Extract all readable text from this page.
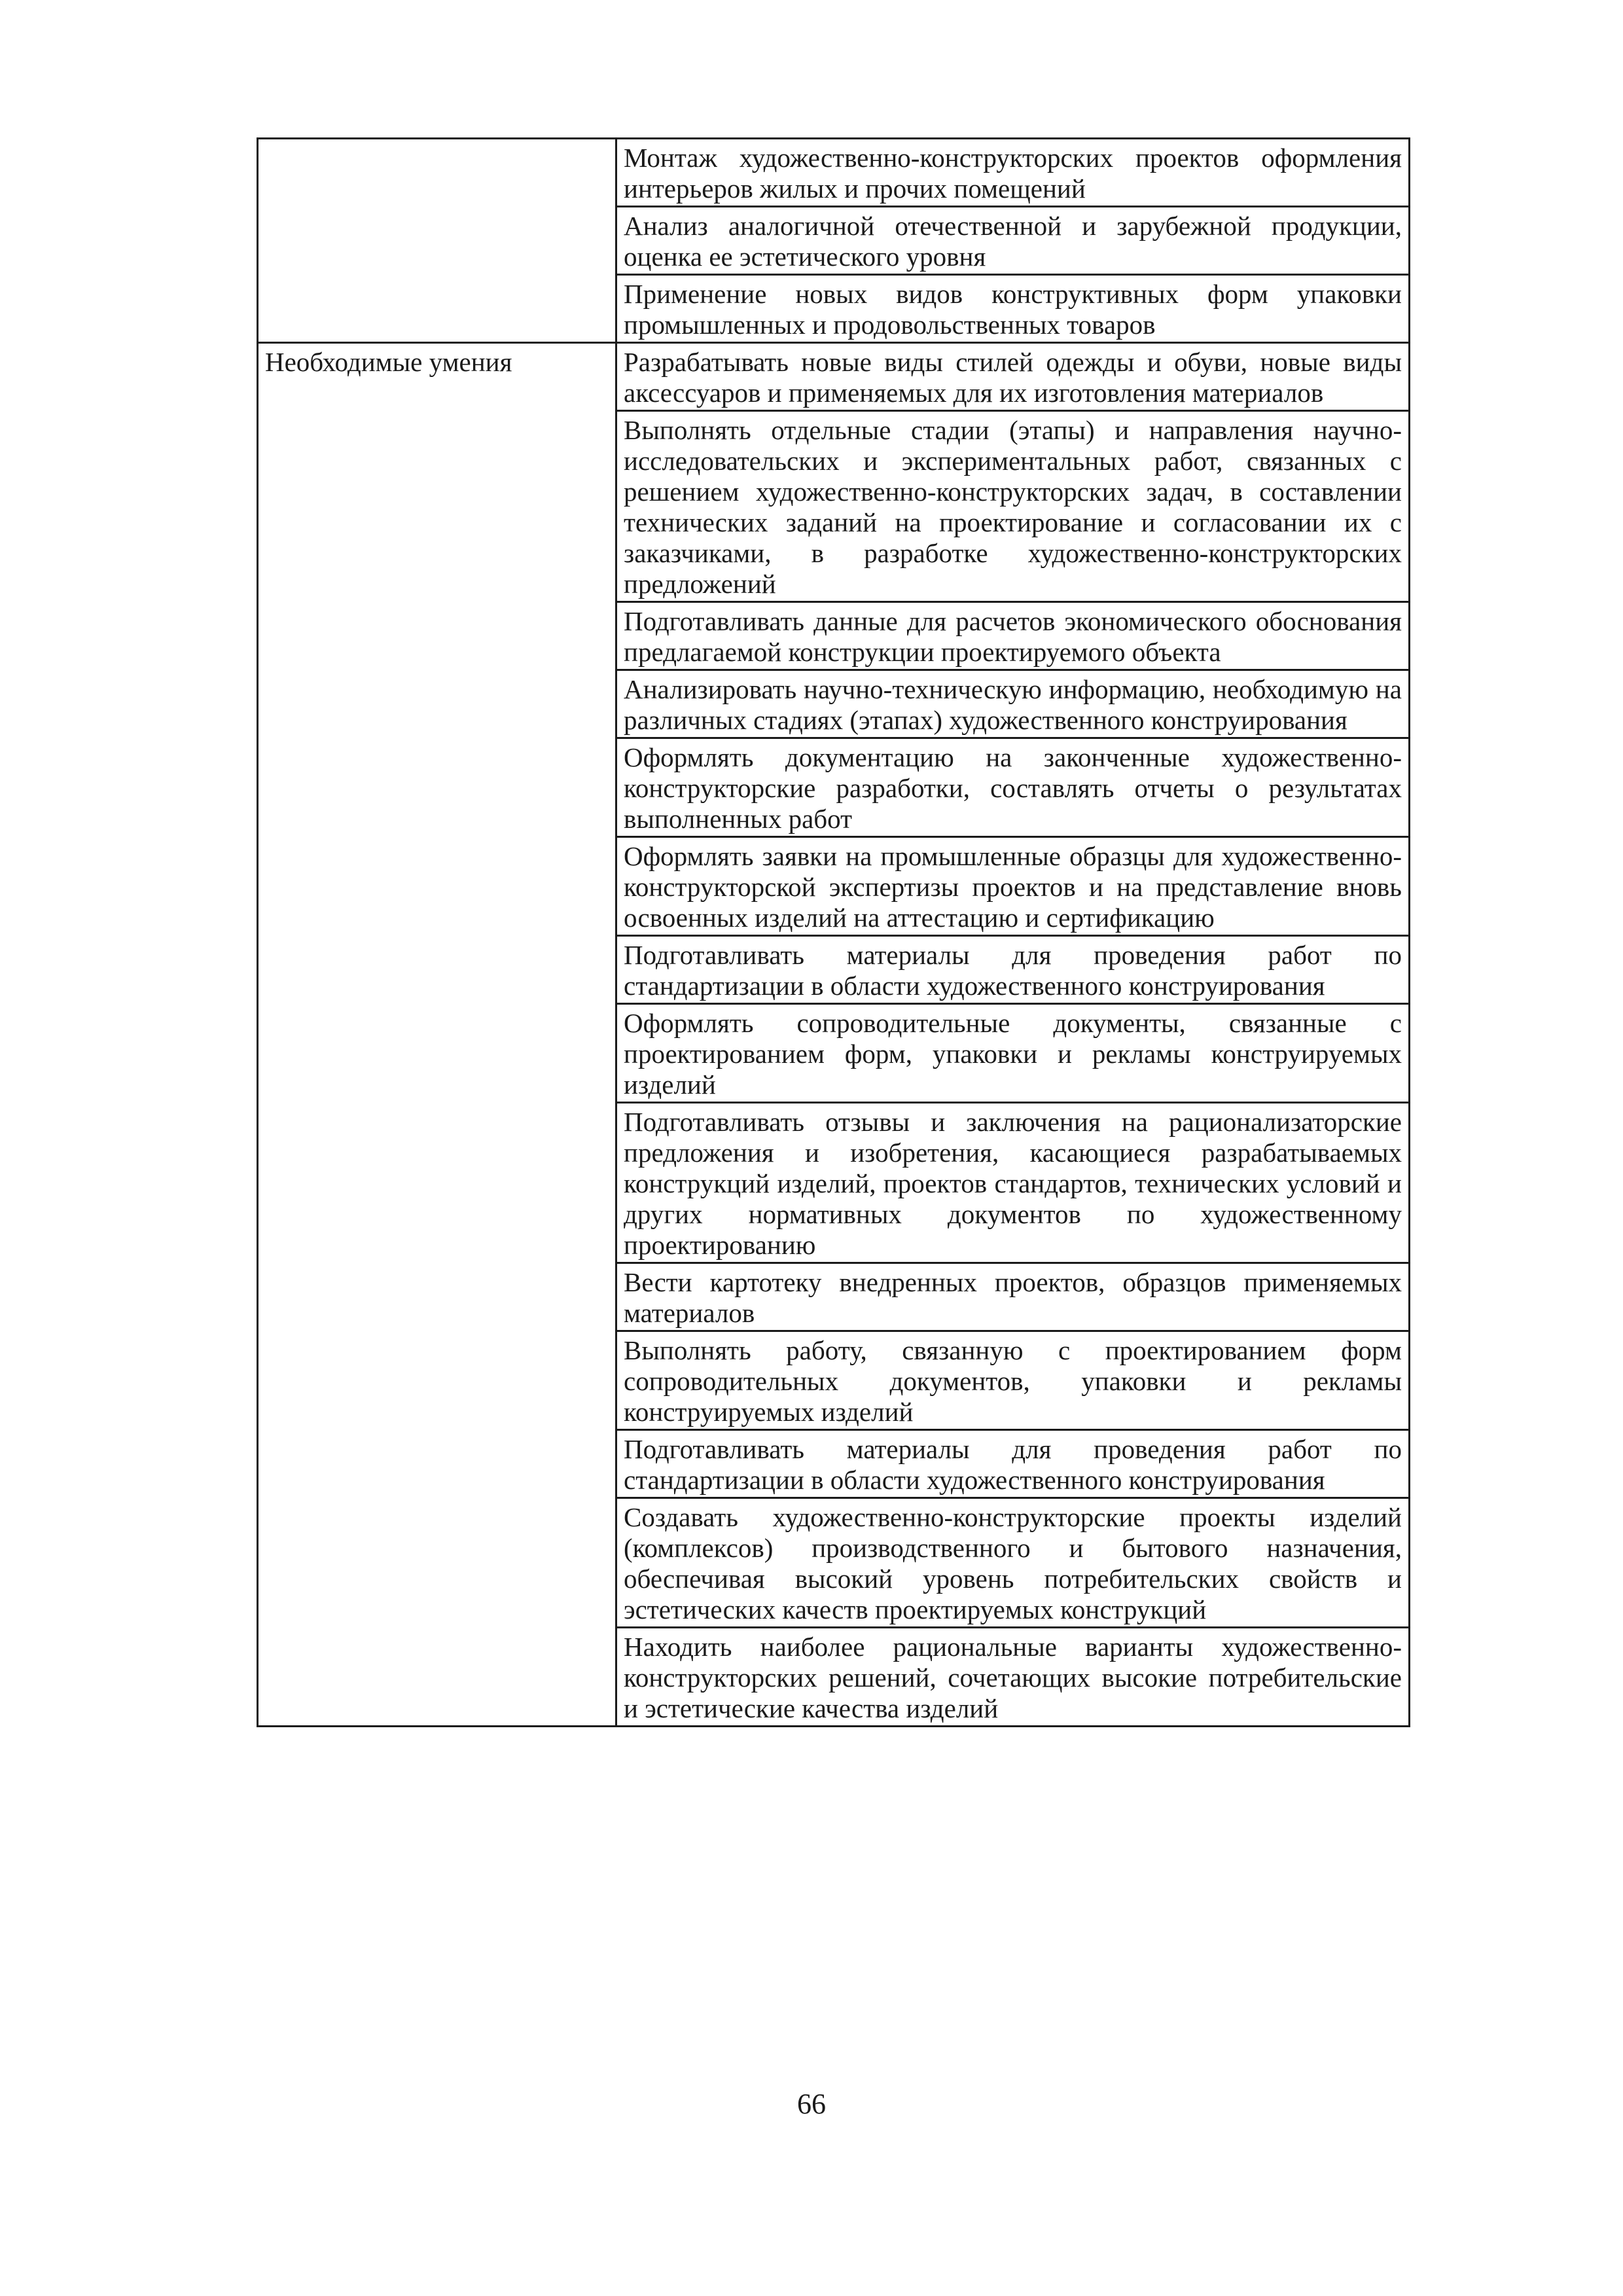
	Монтаж художественно-конструкторских проектов оформления интерьеров жилых и прочих помещений
	Анализ аналогичной отечественной и зарубежной продукции, оценка ее эстетического уровня
	Применение новых видов конструктивных форм упаковки промышленных и продовольственных товаров
Необходимые умения	Разрабатывать новые виды стилей одежды и обуви, новые виды аксессуаров и применяемых для их изготовления материалов
	Выполнять отдельные стадии (этапы) и направления научно-исследовательских и экспериментальных работ, связанных с решением художественно-конструкторских задач, в составлении технических заданий на проектирование и согласовании их с заказчиками, в разработке художественно-конструкторских предложений
	Подготавливать данные для расчетов экономического обоснования предлагаемой конструкции проектируемого объекта
	Анализировать научно-техническую информацию, необходимую на различных стадиях (этапах) художественного конструирования
	Оформлять документацию на законченные художественно-конструкторские разработки, составлять отчеты о результатах выполненных работ
	Оформлять заявки на промышленные образцы для художественно-конструкторской экспертизы проектов и на представление вновь освоенных изделий на аттестацию и сертификацию
	Подготавливать материалы для проведения работ по стандартизации в области художественного конструирования
	Оформлять сопроводительные документы, связанные с проектированием форм, упаковки и рекламы конструируемых изделий
	Подготавливать отзывы и заключения на рационализаторские предложения и изобретения, касающиеся разрабатываемых конструкций изделий, проектов стандартов, технических условий и других нормативных документов по художественному проектированию
	Вести картотеку внедренных проектов, образцов применяемых материалов
	Выполнять работу, связанную с проектированием форм сопроводительных документов, упаковки и рекламы конструируемых изделий
	Подготавливать материалы для проведения работ по стандартизации в области художественного конструирования
	Создавать художественно-конструкторские проекты изделий (комплексов) производственного и бытового назначения, обеспечивая высокий уровень потребительских свойств и эстетических качеств проектируемых конструкций
	Находить наиболее рациональные варианты художественно-конструкторских решений, сочетающих высокие потребительские и эстетические качества изделий
66
